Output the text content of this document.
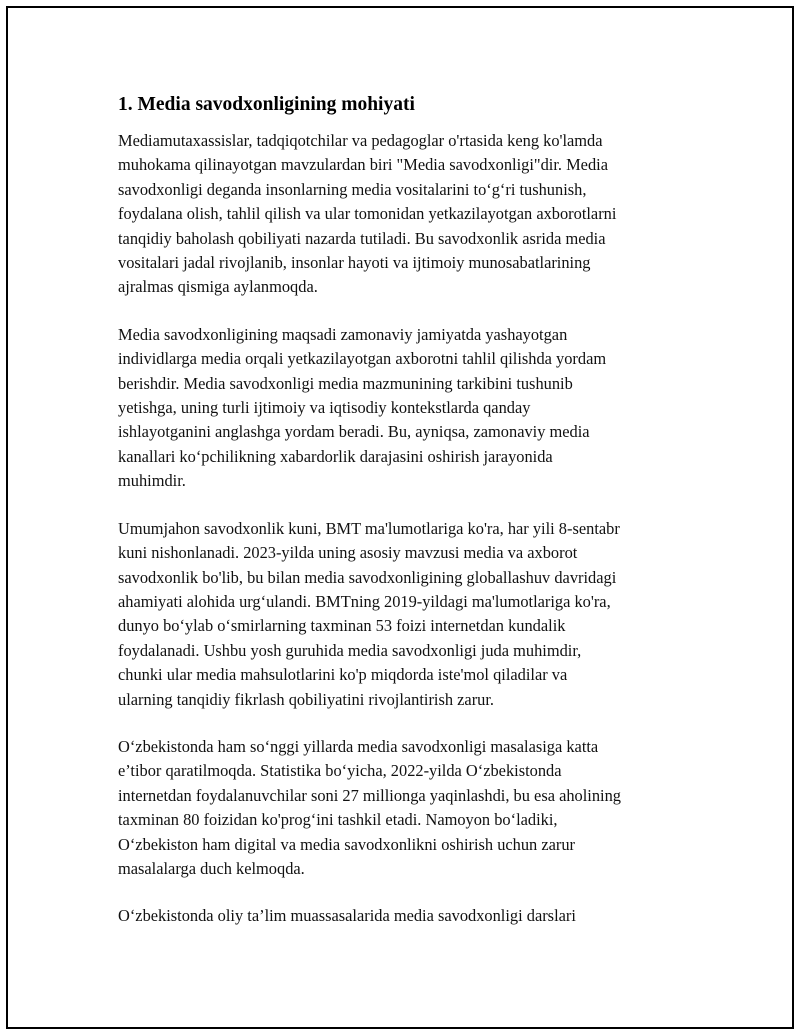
1. Media savodxonligining mohiyati
Mediamutaxassislar, tadqiqotchilar va pedagoglar o'rtasida keng ko'lamda
muhokama qilinayotgan mavzulardan biri "Media savodxonligi"dir. Media
savodxonligi deganda insonlarning media vositalarini to‘g‘ri tushunish,
foydalana olish, tahlil qilish va ular tomonidan yetkazilayotgan axborotlarni
tanqidiy baholash qobiliyati nazarda tutiladi. Bu savodxonlik asrida media
vositalari jadal rivojlanib, insonlar hayoti va ijtimoiy munosabatlarining
ajralmas qismiga aylanmoqda.
Media savodxonligining maqsadi zamonaviy jamiyatda yashayotgan
individlarga media orqali yetkazilayotgan axborotni tahlil qilishda yordam
berishdir. Media savodxonligi media mazmunining tarkibini tushunib
yetishga, uning turli ijtimoiy va iqtisodiy kontekstlarda qanday
ishlayotganini anglashga yordam beradi. Bu, ayniqsa, zamonaviy media
kanallari ko‘pchilikning xabardorlik darajasini oshirish jarayonida
muhimdir.
Umumjahon savodxonlik kuni, BMT ma'lumotlariga ko'ra, har yili 8-sentabr
kuni nishonlanadi. 2023-yilda uning asosiy mavzusi media va axborot
savodxonlik bo'lib, bu bilan media savodxonligining globallashuv davridagi
ahamiyati alohida urg‘ulandi. BMTning 2019-yildagi ma'lumotlariga ko'ra,
dunyo bo‘ylab o‘smirlarning taxminan 53 foizi internetdan kundalik
foydalanadi. Ushbu yosh guruhida media savodxonligi juda muhimdir,
chunki ular media mahsulotlarini ko'p miqdorda iste'mol qiladilar va
ularning tanqidiy fikrlash qobiliyatini rivojlantirish zarur.
O‘zbekistonda ham so‘nggi yillarda media savodxonligi masalasiga katta
e’tibor qaratilmoqda. Statistika bo‘yicha, 2022-yilda O‘zbekistonda
internetdan foydalanuvchilar soni 27 millionga yaqinlashdi, bu esa aholining
taxminan 80 foizidan ko'prog‘ini tashkil etadi. Namoyon bo‘ladiki,
O‘zbekiston ham digital va media savodxonlikni oshirish uchun zarur
masalalarga duch kelmoqda.
O‘zbekistonda oliy ta’lim muassasalarida media savodxonligi darslari
